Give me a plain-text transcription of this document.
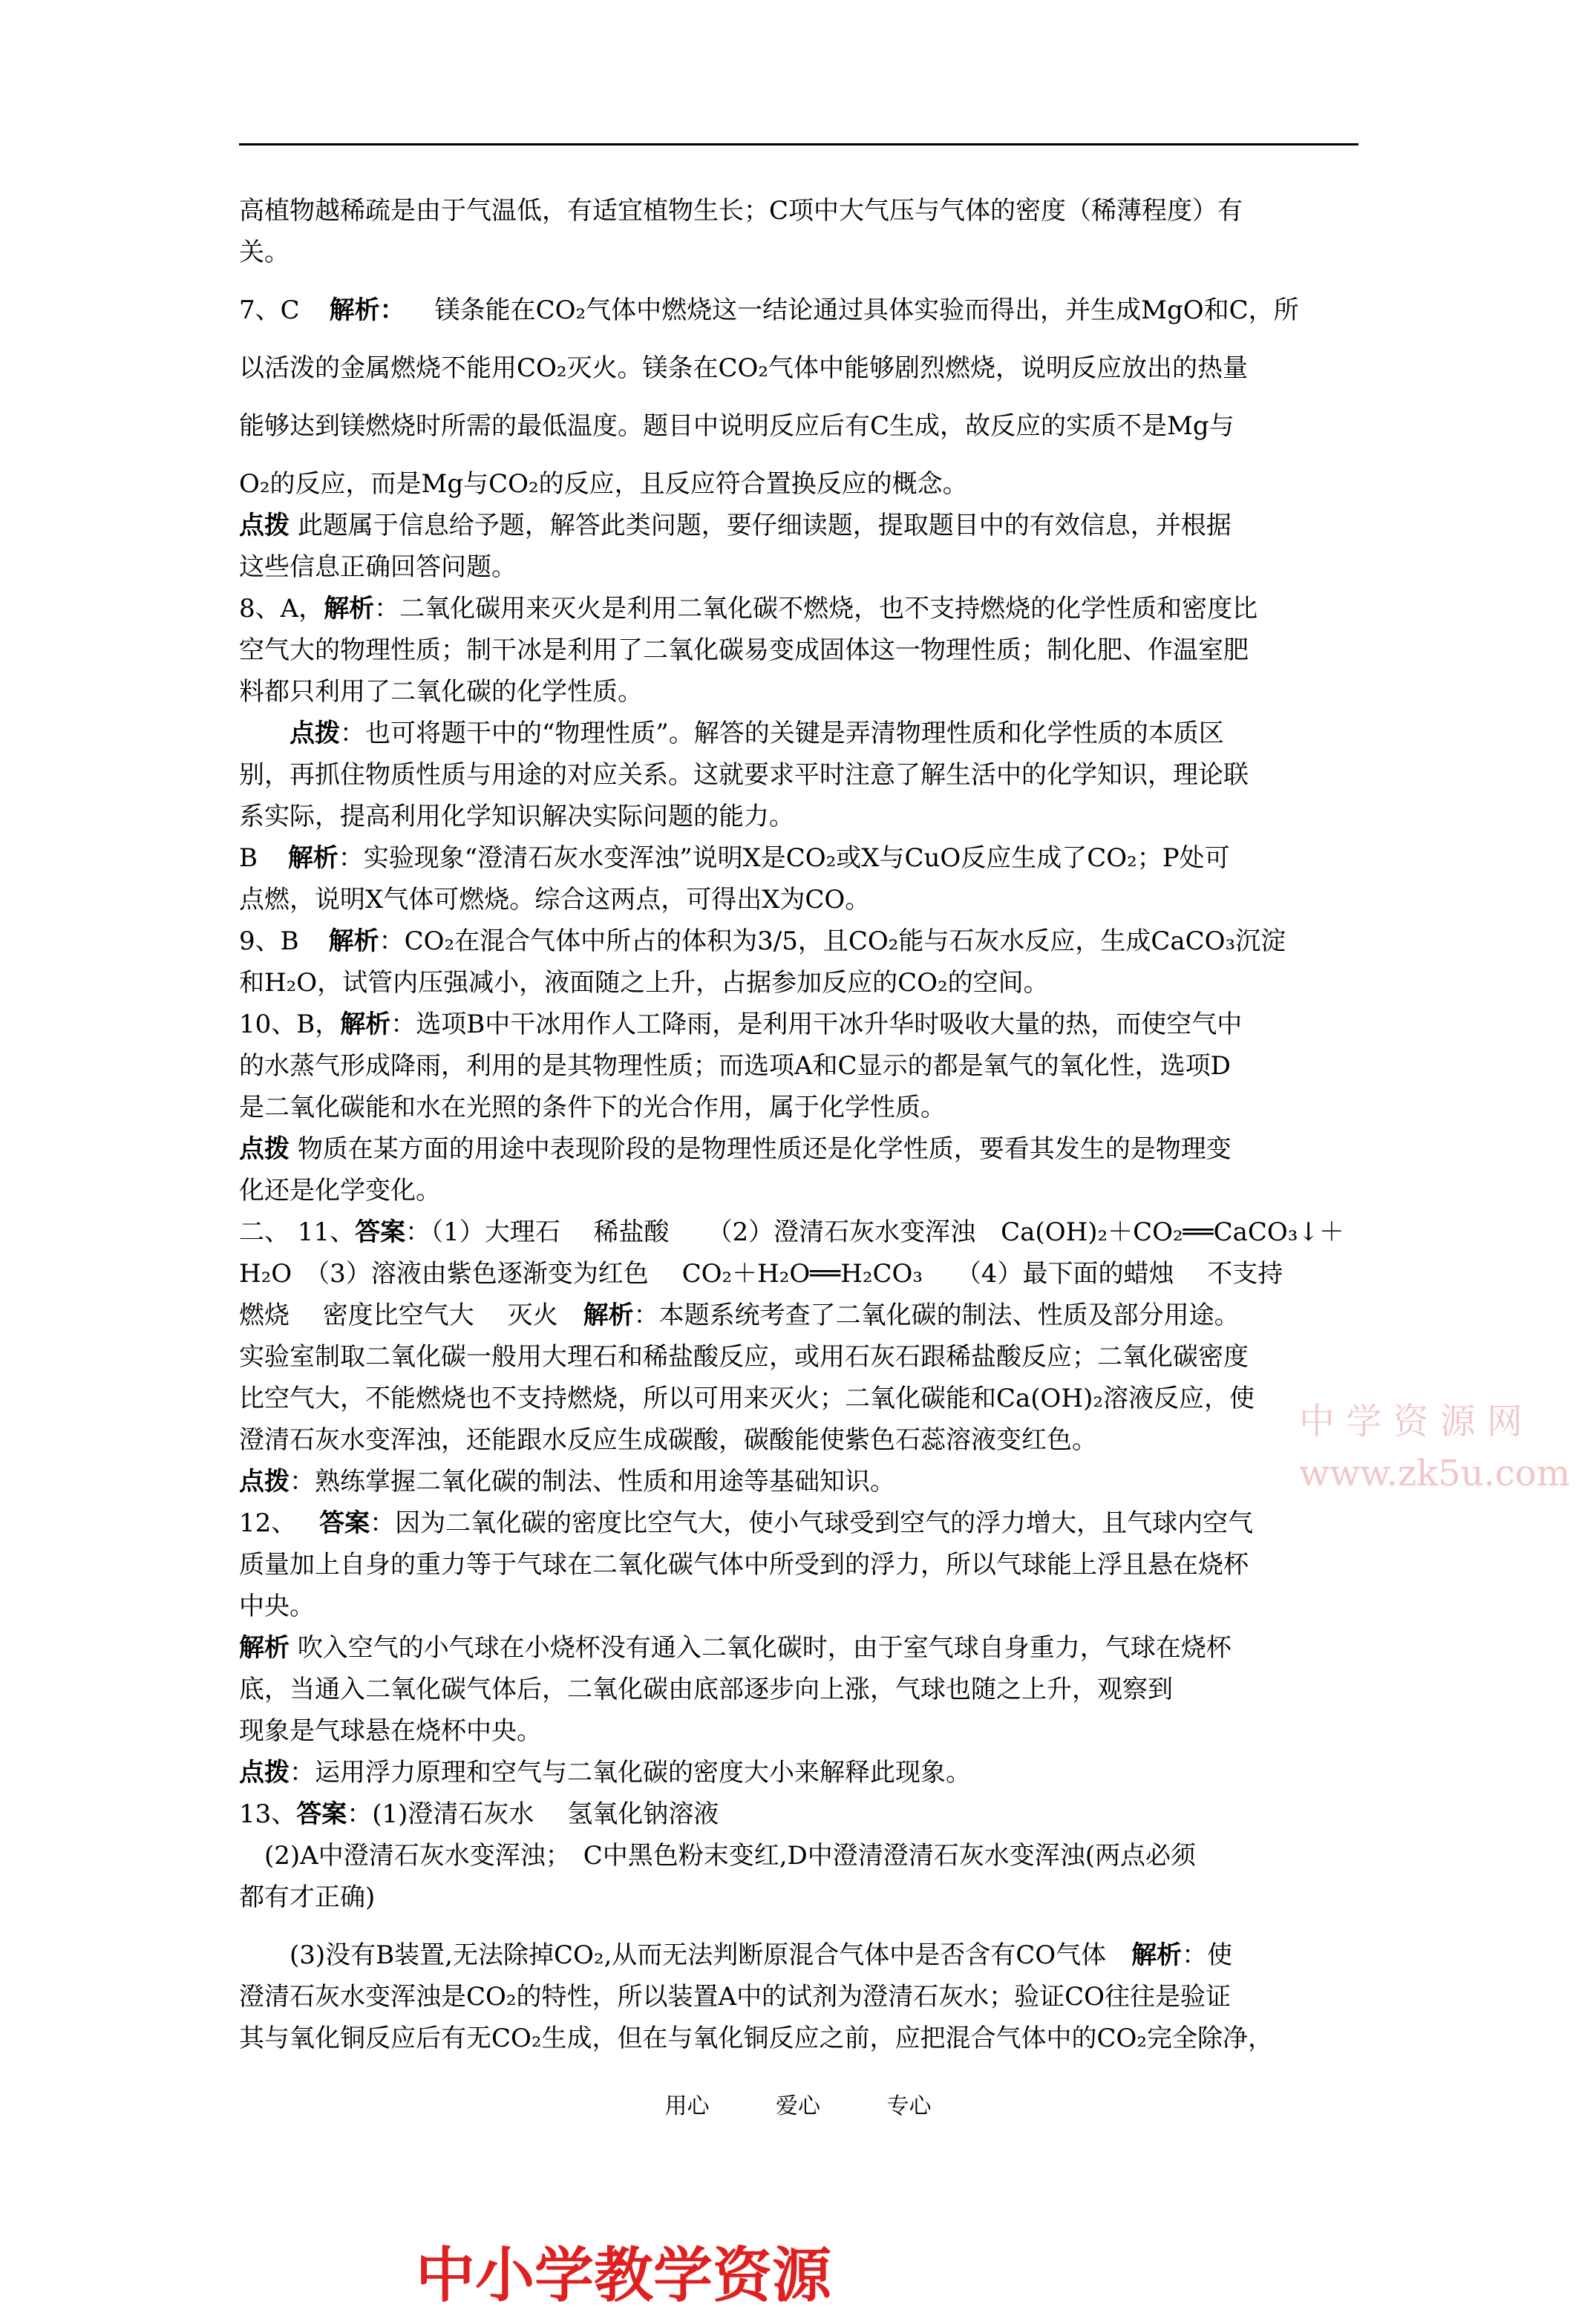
高植物越稀疏是由于气温低，有适宜植物生长；C项中大气压与气体的密度（稀薄程度）有

关。

7、C 解析： 镁条能在CO₂气体中燃烧这一结论通过具体实验而得出，并生成MgO和C，所

以活泼的金属燃烧不能用CO₂灭火。镁条在CO₂气体中能够剧烈燃烧，说明反应放出的热量

能够达到镁燃烧时所需的最低温度。题目中说明反应后有C生成，故反应的实质不是Mg与

O₂的反应，而是Mg与CO₂的反应，且反应符合置换反应的概念。

点拨 此题属于信息给予题，解答此类问题，要仔细读题，提取题目中的有效信息，并根据

这些信息正确回答问题。

8、A，解析：二氧化碳用来灭火是利用二氧化碳不燃烧，也不支持燃烧的化学性质和密度比

空气大的物理性质；制干冰是利用了二氧化碳易变成固体这一物理性质；制化肥、作温室肥

料都只利用了二氧化碳的化学性质。

点拨：也可将题干中的“物理性质”。解答的关键是弄清物理性质和化学性质的本质区

别，再抓住物质性质与用途的对应关系。这就要求平时注意了解生活中的化学知识，理论联

系实际，提高利用化学知识解决实际问题的能力。

B 解析：实验现象“澄清石灰水变浑浊”说明X是CO₂或X与CuO反应生成了CO₂；P处可

点燃，说明X气体可燃烧。综合这两点，可得出X为CO。

9、B 解析：CO₂在混合气体中所占的体积为3/5，且CO₂能与石灰水反应，生成CaCO₃沉淀

和H₂O，试管内压强减小，液面随之上升，占据参加反应的CO₂的空间。

10、B，解析：选项B中干冰用作人工降雨，是利用干冰升华时吸收大量的热，而使空气中

的水蒸气形成降雨，利用的是其物理性质；而选项A和C显示的都是氧气的氧化性，选项D

是二氧化碳能和水在光照的条件下的光合作用，属于化学性质。

点拨 物质在某方面的用途中表现阶段的是物理性质还是化学性质，要看其发生的是物理变

化还是化学变化。

二、 11、答案：（1）大理石　 稀盐酸　　（2）澄清石灰水变浑浊　Ca(OH)₂＋CO₂══CaCO₃↓＋

H₂O　（3）溶液由紫色逐渐变为红色　 CO₂＋H₂O══H₂CO₃　 （4）最下面的蜡烛　 不支持

燃烧　 密度比空气大　 灭火　解析：本题系统考查了二氧化碳的制法、性质及部分用途。

实验室制取二氧化碳一般用大理石和稀盐酸反应，或用石灰石跟稀盐酸反应；二氧化碳密度

比空气大，不能燃烧也不支持燃烧，所以可用来灭火；二氧化碳能和Ca(OH)₂溶液反应，使

澄清石灰水变浑浊，还能跟水反应生成碳酸，碳酸能使紫色石蕊溶液变红色。

点拨：熟练掌握二氧化碳的制法、性质和用途等基础知识。

12、 答案：因为二氧化碳的密度比空气大，使小气球受到空气的浮力增大，且气球内空气

质量加上自身的重力等于气球在二氧化碳气体中所受到的浮力，所以气球能上浮且悬在烧杯

中央。

解析 吹入空气的小气球在小烧杯没有通入二氧化碳时，由于室气球自身重力，气球在烧杯

底，当通入二氧化碳气体后，二氧化碳由底部逐步向上涨，气球也随之上升，观察到

现象是气球悬在烧杯中央。

点拨：运用浮力原理和空气与二氧化碳的密度大小来解释此现象。

13、答案：(1)澄清石灰水　 氢氧化钠溶液

(2)A中澄清石灰水变浑浊；　C中黑色粉末变红,D中澄清澄清石灰水变浑浊(两点必须

都有才正确)

(3)没有B装置,无法除掉CO₂,从而无法判断原混合气体中是否含有CO气体　解析：使

澄清石灰水变浑浊是CO₂的特性，所以装置A中的试剂为澄清石灰水；验证CO往往是验证

其与氧化铜反应后有无CO₂生成，但在与氧化铜反应之前，应把混合气体中的CO₂完全除净，

中 学 资 源 网
www.zk5u.com
用心	爱心	专心
中小学教学资源
